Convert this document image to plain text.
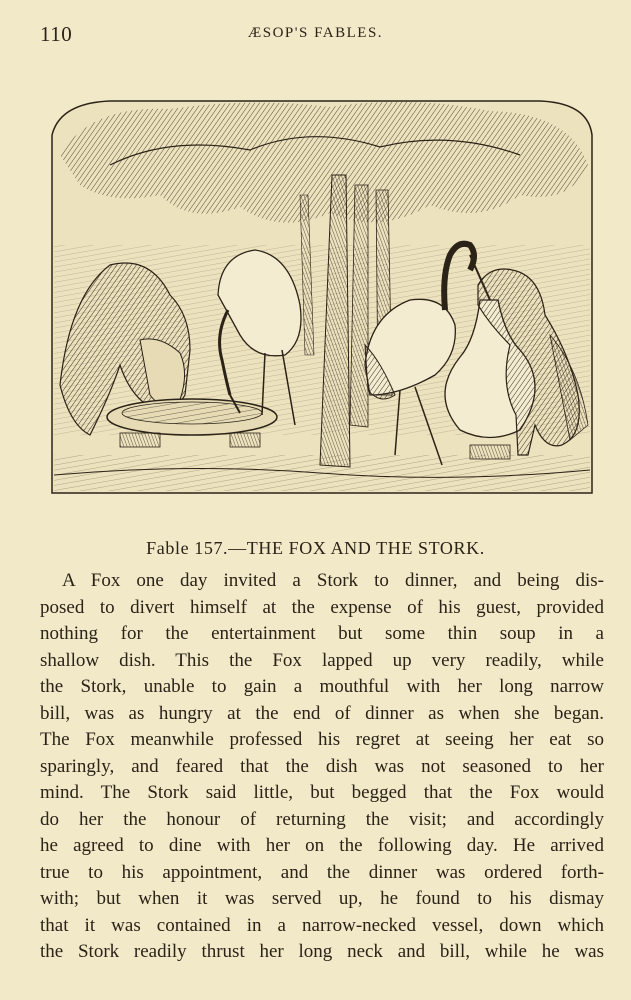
110	ÆSOP'S FABLES.
Fable 157.—THE FOX AND THE STORK.
A Fox one day invited a Stork to dinner, and being dis-
posed to divert himself at the expense of his guest, provided
nothing for the entertainment but some thin soup in a
shallow dish. This the Fox lapped up very readily, while
the Stork, unable to gain a mouthful with her long narrow
bill, was as hungry at the end of dinner as when she began.
The Fox meanwhile professed his regret at seeing her eat so
sparingly, and feared that the dish was not seasoned to her
mind. The Stork said little, but begged that the Fox would
do her the honour of returning the visit; and accordingly
he agreed to dine with her on the following day. He arrived
true to his appointment, and the dinner was ordered forth-
with; but when it was served up, he found to his dismay
that it was contained in a narrow-necked vessel, down which
the Stork readily thrust her long neck and bill, while he was
